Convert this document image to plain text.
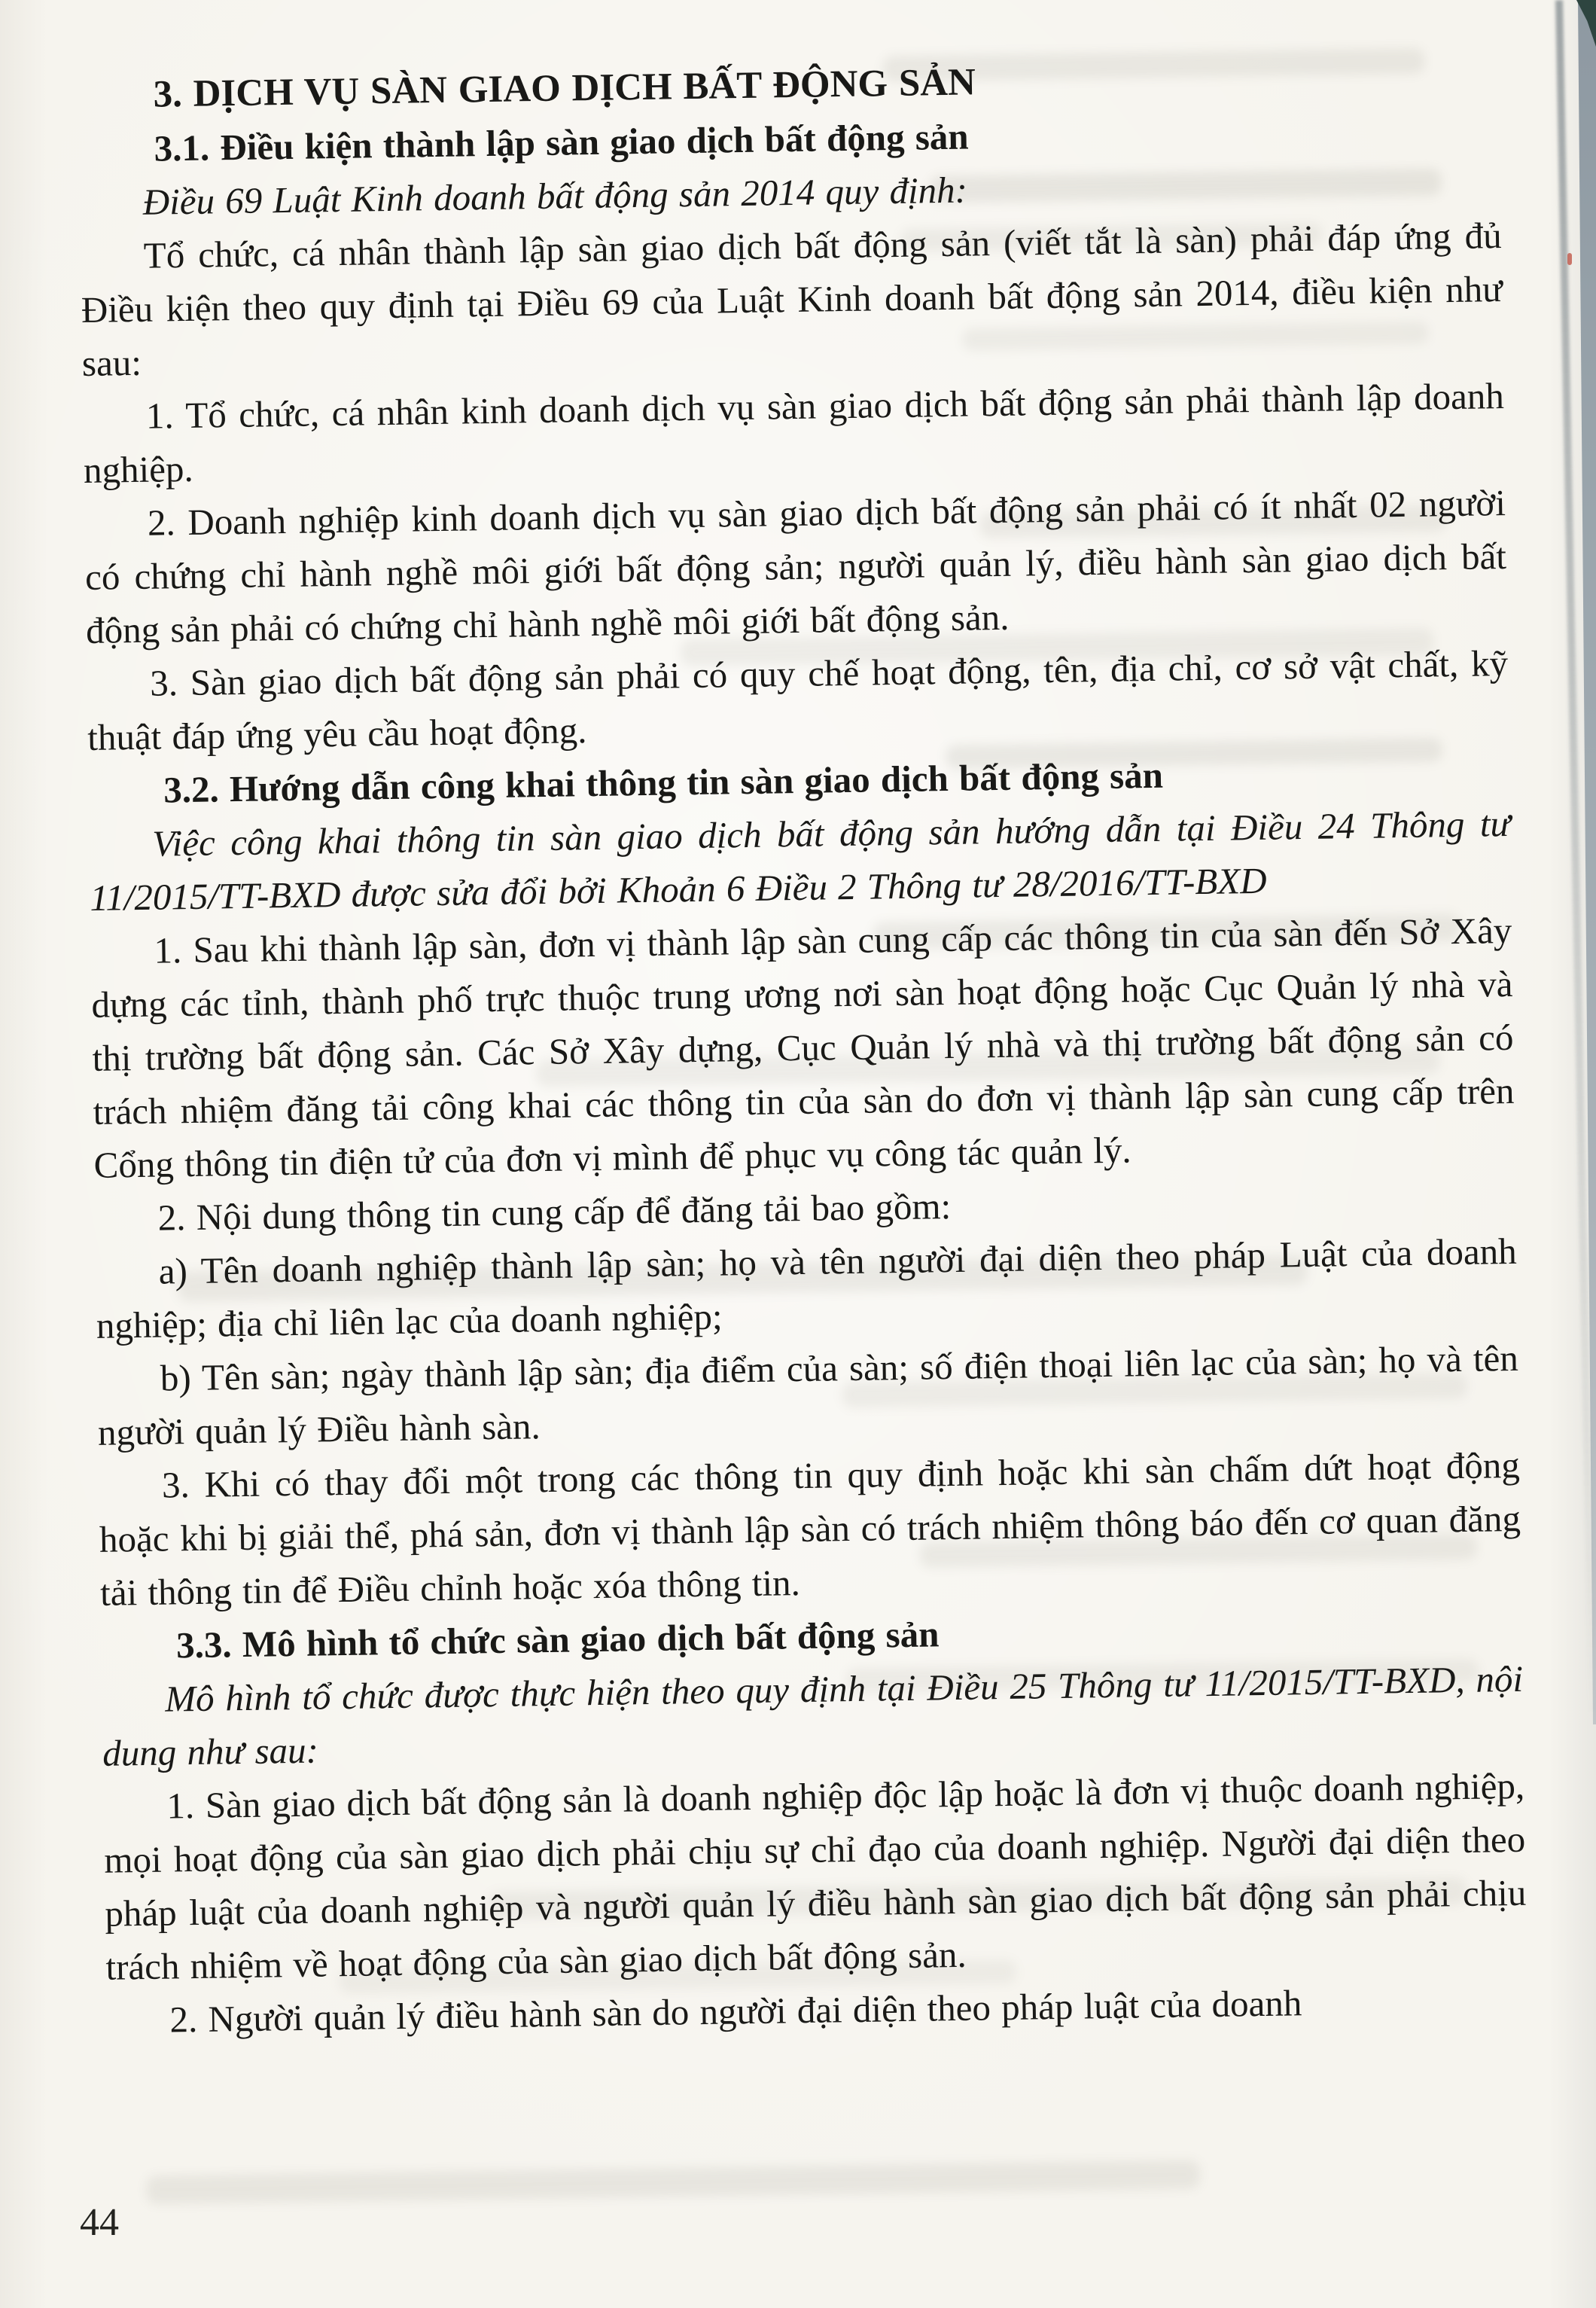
3. DỊCH VỤ SÀN GIAO DỊCH BẤT ĐỘNG SẢN

3.1. Điều kiện thành lập sàn giao dịch bất động sản

Điều 69 Luật Kinh doanh bất động sản 2014 quy định:

Tổ chức, cá nhân thành lập sàn giao dịch bất động sản (viết tắt là sàn) phải đáp ứng đủ Điều kiện theo quy định tại Điều 69 của Luật Kinh doanh bất động sản 2014, điều kiện như sau:

1. Tổ chức, cá nhân kinh doanh dịch vụ sàn giao dịch bất động sản phải thành lập doanh nghiệp.

2. Doanh nghiệp kinh doanh dịch vụ sàn giao dịch bất động sản phải có ít nhất 02 người có chứng chỉ hành nghề môi giới bất động sản; người quản lý, điều hành sàn giao dịch bất động sản phải có chứng chỉ hành nghề môi giới bất động sản.

3. Sàn giao dịch bất động sản phải có quy chế hoạt động, tên, địa chỉ, cơ sở vật chất, kỹ thuật đáp ứng yêu cầu hoạt động.

3.2. Hướng dẫn công khai thông tin sàn giao dịch bất động sản

Việc công khai thông tin sàn giao dịch bất động sản hướng dẫn tại Điều 24 Thông tư 11/2015/TT-BXD được sửa đổi bởi Khoản 6 Điều 2 Thông tư 28/2016/TT-BXD

1. Sau khi thành lập sàn, đơn vị thành lập sàn cung cấp các thông tin của sàn đến Sở Xây dựng các tỉnh, thành phố trực thuộc trung ương nơi sàn hoạt động hoặc Cục Quản lý nhà và thị trường bất động sản. Các Sở Xây dựng, Cục Quản lý nhà và thị trường bất động sản có trách nhiệm đăng tải công khai các thông tin của sàn do đơn vị thành lập sàn cung cấp trên Cổng thông tin điện tử của đơn vị mình để phục vụ công tác quản lý.

2. Nội dung thông tin cung cấp để đăng tải bao gồm:

a) Tên doanh nghiệp thành lập sàn; họ và tên người đại diện theo pháp Luật của doanh nghiệp; địa chỉ liên lạc của doanh nghiệp;

b) Tên sàn; ngày thành lập sàn; địa điểm của sàn; số điện thoại liên lạc của sàn; họ và tên người quản lý Điều hành sàn.

3. Khi có thay đổi một trong các thông tin quy định hoặc khi sàn chấm dứt hoạt động hoặc khi bị giải thể, phá sản, đơn vị thành lập sàn có trách nhiệm thông báo đến cơ quan đăng tải thông tin để Điều chỉnh hoặc xóa thông tin.

3.3. Mô hình tổ chức sàn giao dịch bất động sản

Mô hình tổ chức được thực hiện theo quy định tại Điều 25 Thông tư 11/2015/TT-BXD, nội dung như sau:

1. Sàn giao dịch bất động sản là doanh nghiệp độc lập hoặc là đơn vị thuộc doanh nghiệp, mọi hoạt động của sàn giao dịch phải chịu sự chỉ đạo của doanh nghiệp. Người đại diện theo pháp luật của doanh nghiệp và người quản lý điều hành sàn giao dịch bất động sản phải chịu trách nhiệm về hoạt động của sàn giao dịch bất động sản.

2. Người quản lý điều hành sàn do người đại diện theo pháp luật của doanh

44
